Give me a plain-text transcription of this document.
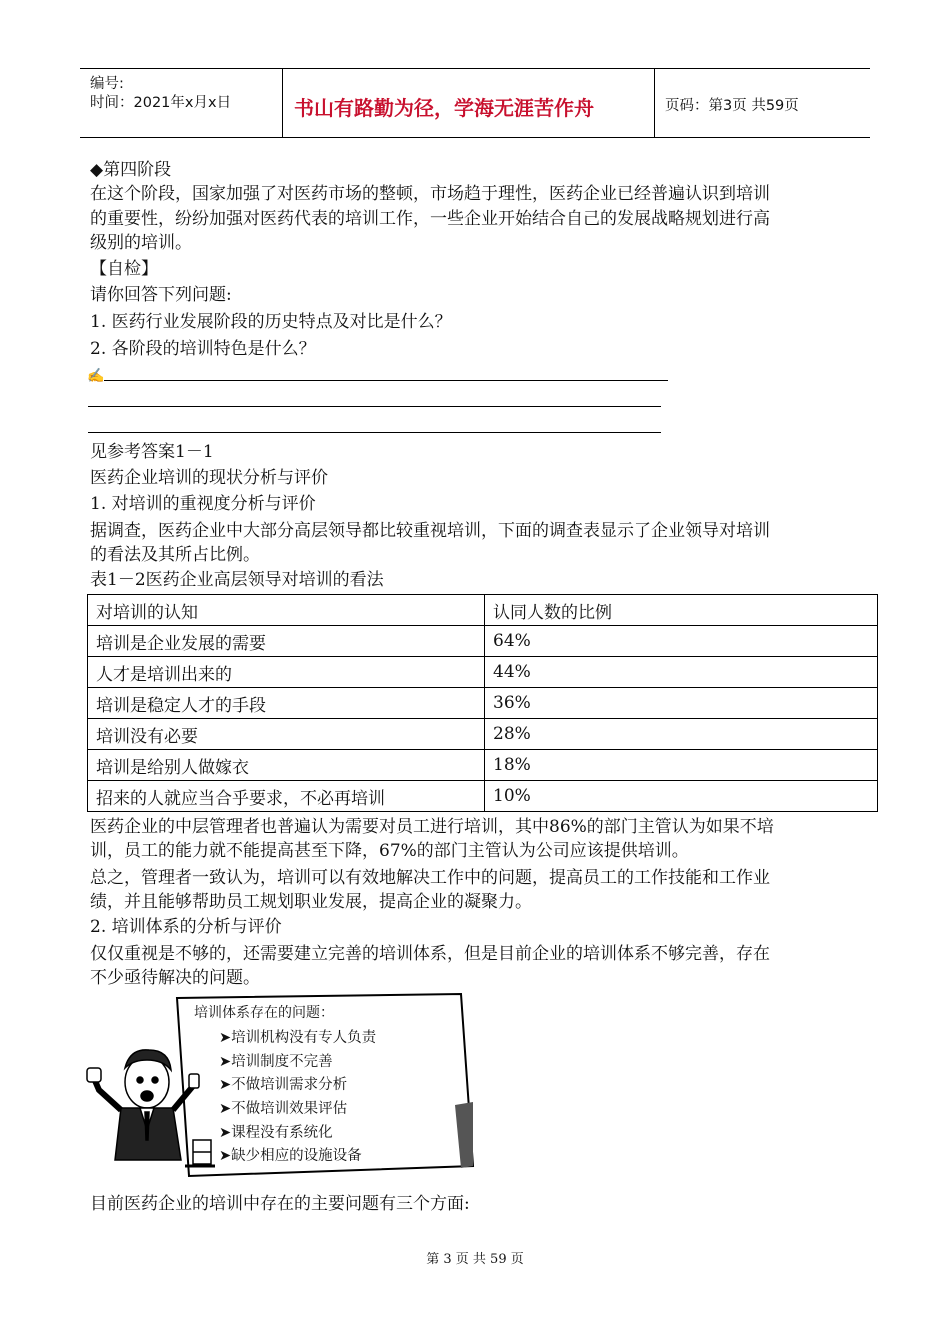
编号:
时间：2021年x月x日	书山有路勤为径，学海无涯苦作舟	页码：第3页 共59页
◆第四阶段
在这个阶段，国家加强了对医药市场的整顿，市场趋于理性，医药企业已经普遍认识到培训
的重要性，纷纷加强对医药代表的培训工作，一些企业开始结合自己的发展战略规划进行高
级别的培训。
【自检】
请你回答下列问题:
1. 医药行业发展阶段的历史特点及对比是什么？
2. 各阶段的培训特色是什么？
✍
见参考答案1－1
医药企业培训的现状分析与评价
1. 对培训的重视度分析与评价
据调查，医药企业中大部分高层领导都比较重视培训，下面的调查表显示了企业领导对培训
的看法及其所占比例。
表1－2医药企业高层领导对培训的看法
对培训的认知	认同人数的比例
培训是企业发展的需要	64%
人才是培训出来的	44%
培训是稳定人才的手段	36%
培训没有必要	28%
培训是给别人做嫁衣	18%
招来的人就应当合乎要求，不必再培训	10%
医药企业的中层管理者也普遍认为需要对员工进行培训，其中86%的部门主管认为如果不培
训，员工的能力就不能提高甚至下降，67%的部门主管认为公司应该提供培训。
总之，管理者一致认为，培训可以有效地解决工作中的问题，提高员工的工作技能和工作业
绩，并且能够帮助员工规划职业发展，提高企业的凝聚力。
2. 培训体系的分析与评价
仅仅重视是不够的，还需要建立完善的培训体系，但是目前企业的培训体系不够完善，存在
不少亟待解决的问题。
培训体系存在的问题：
➤培训机构没有专人负责
➤培训制度不完善
➤不做培训需求分析
➤不做培训效果评估
➤课程没有系统化
➤缺少相应的设施设备
目前医药企业的培训中存在的主要问题有三个方面:
第 3 页 共 59 页
